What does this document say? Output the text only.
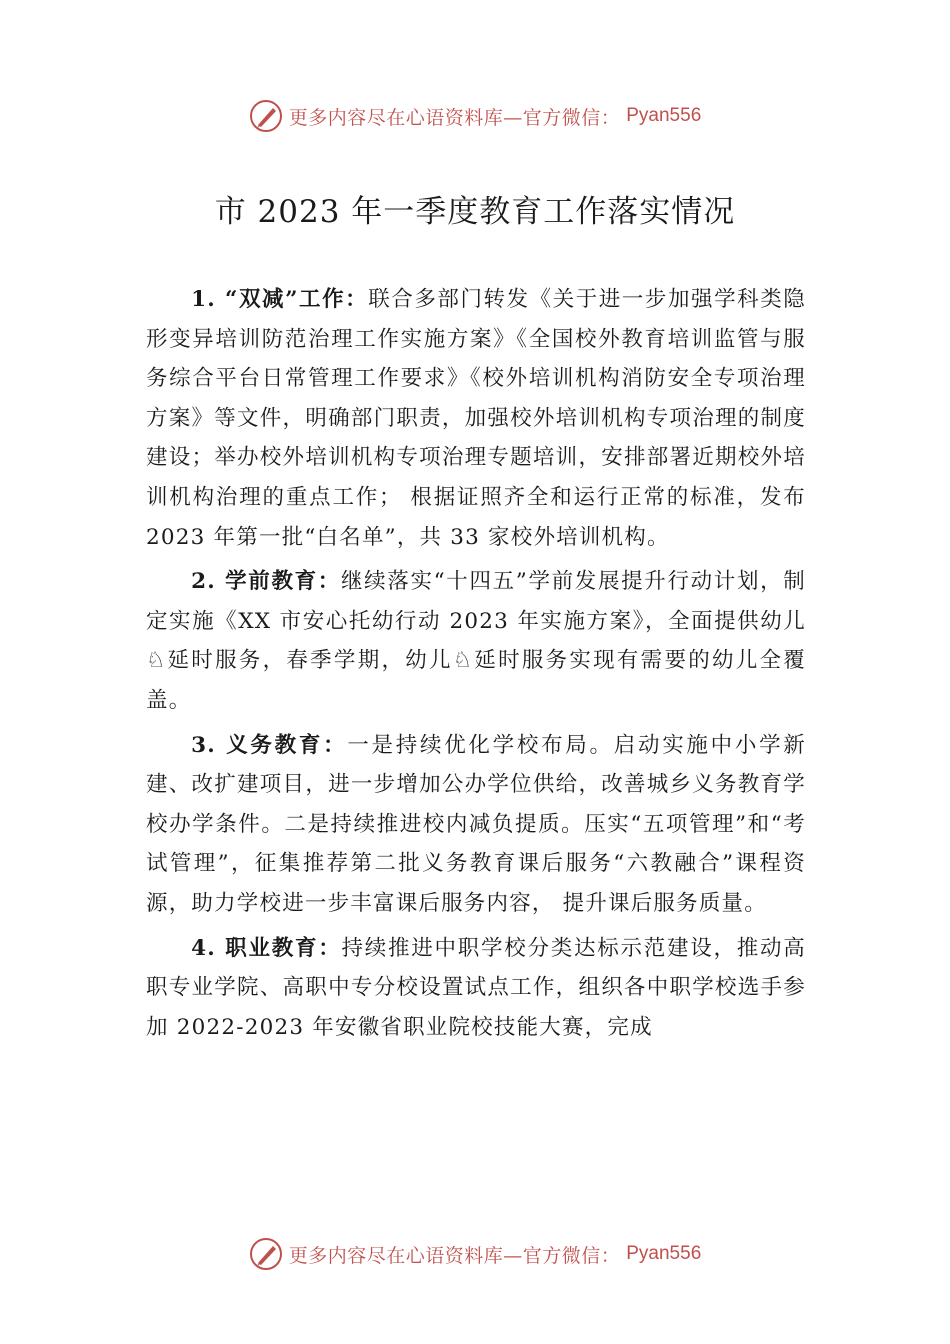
更多内容尽在心语资料库—官方微信： Pyan556
市 2023 年一季度教育工作落实情况

1. “双减”工作：联合多部门转发《关于进一步加强学科类隐形变异培训防范治理工作实施方案》《全国校外教育培训监管与服务综合平台日常管理工作要求》《校外培训机构消防安全专项治理方案》等文件，明确部门职责，加强校外培训机构专项治理的制度建设；举办校外培训机构专项治理专题培训，安排部署近期校外培训机构治理的重点工作； 根据证照齐全和运行正常的标准，发布 2023 年第一批“白名单”，共 33 家校外培训机构。

2. 学前教育：继续落实“十四五”学前发展提升行动计划，制定实施《XX 市安心托幼行动 2023 年实施方案》，全面提供幼儿♘延时服务，春季学期，幼儿♘延时服务实现有需要的幼儿全覆盖。

3. 义务教育：一是持续优化学校布局。启动实施中小学新建、改扩建项目，进一步增加公办学位供给，改善城乡义务教育学校办学条件。二是持续推进校内减负提质。压实“五项管理”和“考试管理”，征集推荐第二批义务教育课后服务“六教融合”课程资源，助力学校进一步丰富课后服务内容， 提升课后服务质量。

4. 职业教育：持续推进中职学校分类达标示范建设，推动高职专业学院、高职中专分校设置试点工作，组织各中职学校选手参加 2022-2023 年安徽省职业院校技能大赛，完成

更多内容尽在心语资料库—官方微信： Pyan556
